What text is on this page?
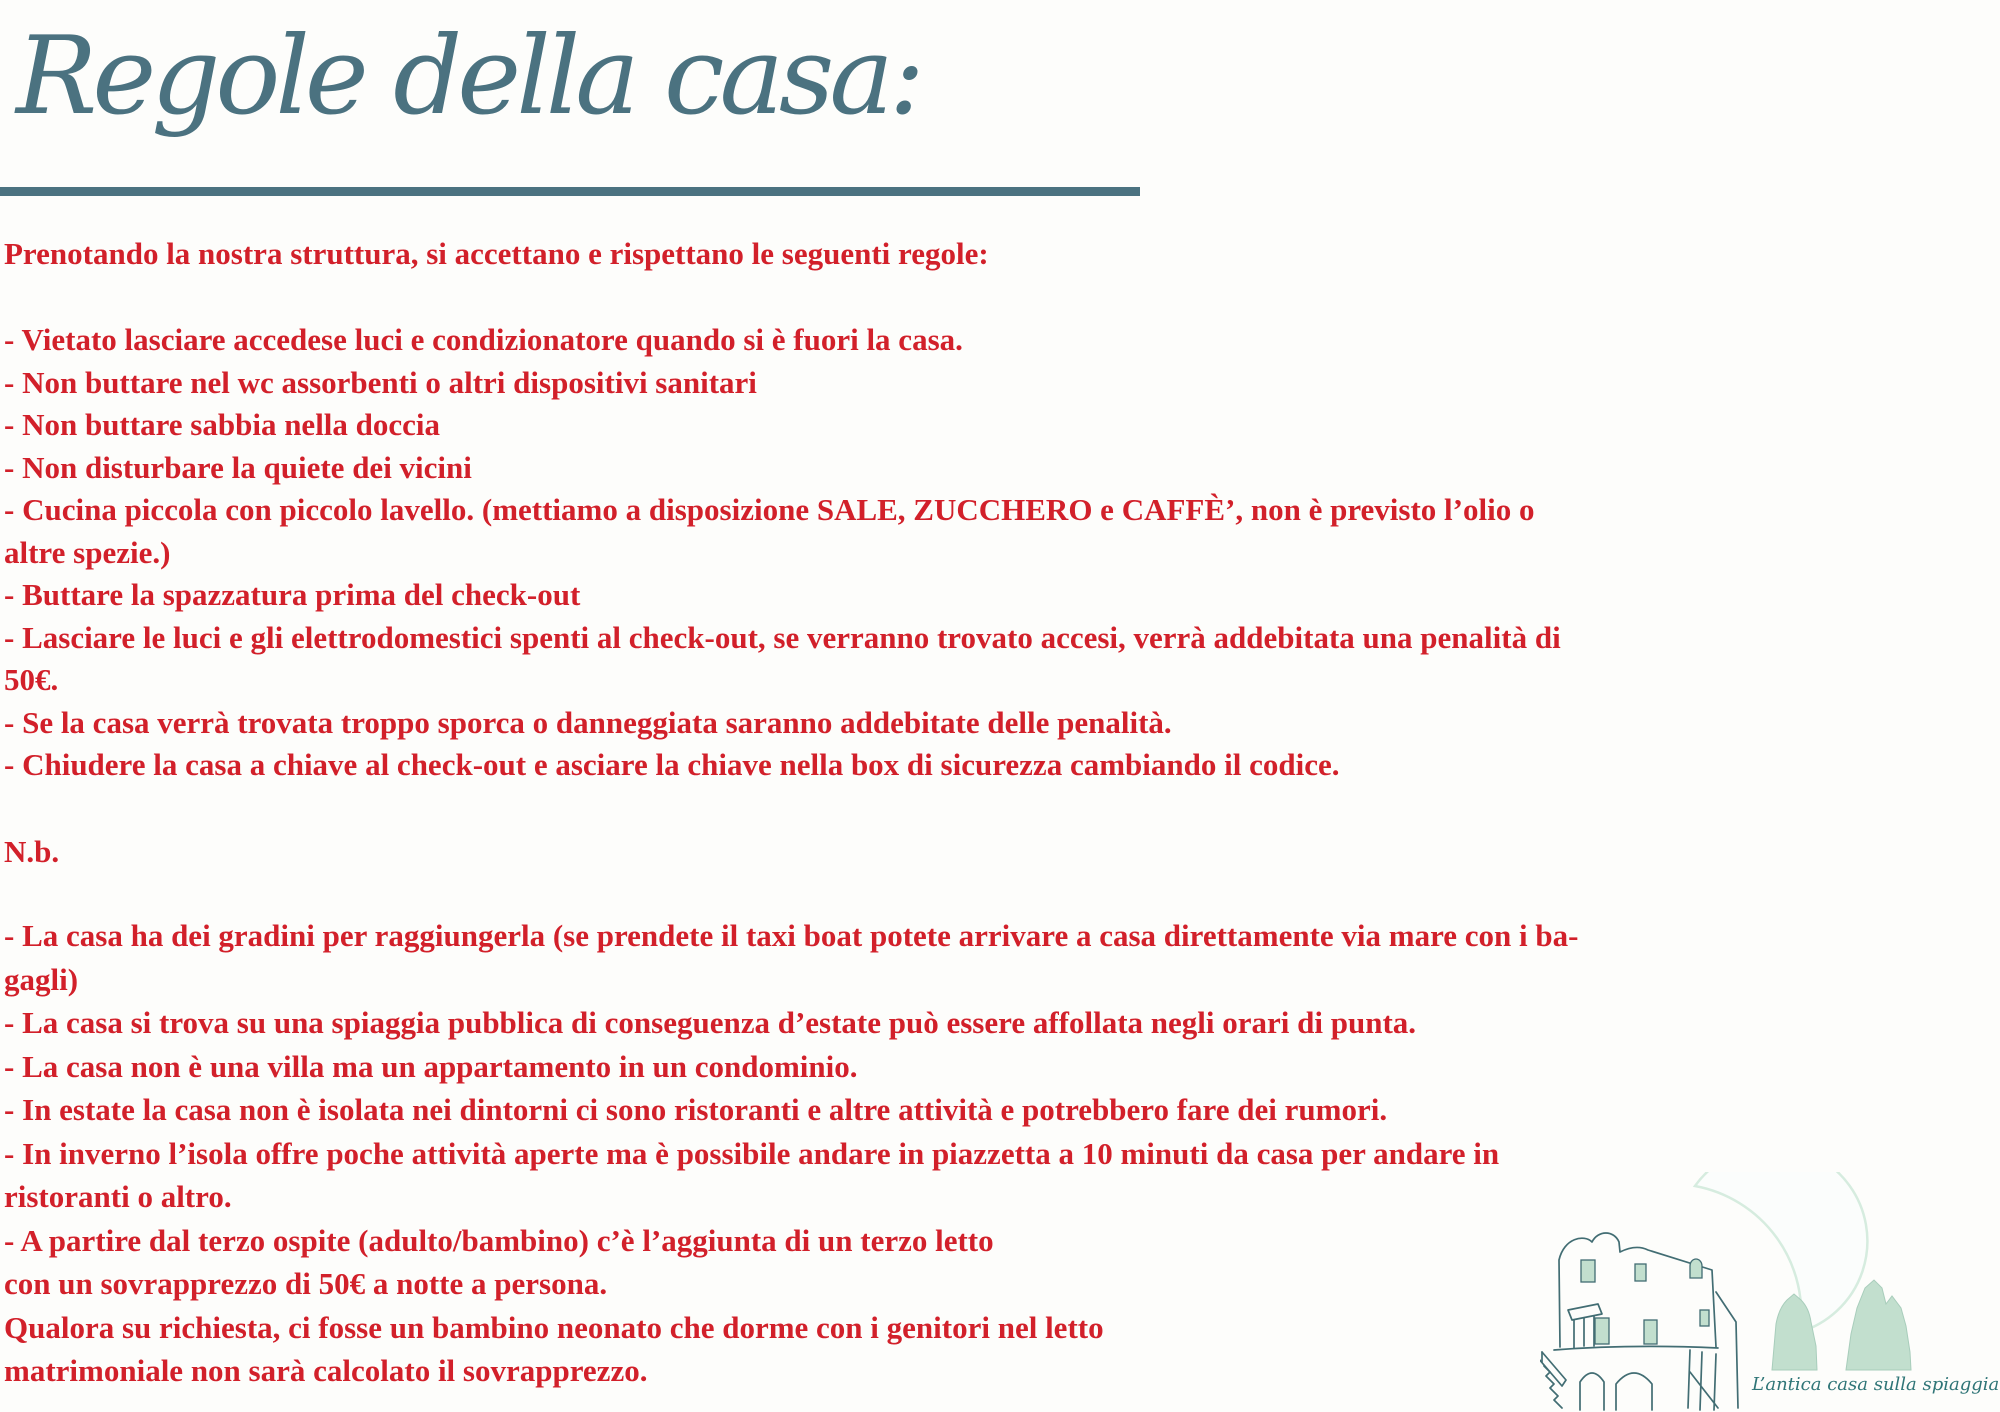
Regole della casa:
Prenotando la nostra struttura, si accettano e rispettano le seguenti regole:
- Vietato lasciare accedese luci e condizionatore quando si è fuori la casa.
- Non buttare nel wc assorbenti o altri dispositivi sanitari
- Non buttare sabbia nella doccia
- Non disturbare la quiete dei vicini
- Cucina piccola con piccolo lavello. (mettiamo a disposizione SALE, ZUCCHERO e CAFFÈ’, non è previsto l’olio o
altre spezie.)
- Buttare la spazzatura prima del check-out
- Lasciare le luci e gli elettrodomestici spenti al check-out, se verranno trovato accesi, verrà addebitata una penalità di
50€.
- Se la casa verrà trovata troppo sporca o danneggiata saranno addebitate delle penalità.
- Chiudere la casa a chiave al check-out e asciare la chiave nella box di sicurezza cambiando il codice.
N.b.
- La casa ha dei gradini per raggiungerla (se prendete il taxi boat potete arrivare a casa direttamente via mare con i ba-
gagli)
- La casa si trova su una spiaggia pubblica di conseguenza d’estate può essere affollata negli orari di punta.
- La casa non è una villa ma un appartamento in un condominio.
- In estate la casa non è isolata nei dintorni ci sono ristoranti e altre attività e potrebbero fare dei rumori.
- In inverno l’isola offre poche attività aperte ma è possibile andare in piazzetta a 10 minuti da casa per andare in
ristoranti o altro.
- A partire dal terzo ospite (adulto/bambino) c’è l’aggiunta di un terzo letto
con un sovrapprezzo di 50€ a notte a persona.
Qualora su richiesta, ci fosse un bambino neonato che dorme con i genitori nel letto
matrimoniale non sarà calcolato il sovrapprezzo.	L’antica casa sulla spiaggia
